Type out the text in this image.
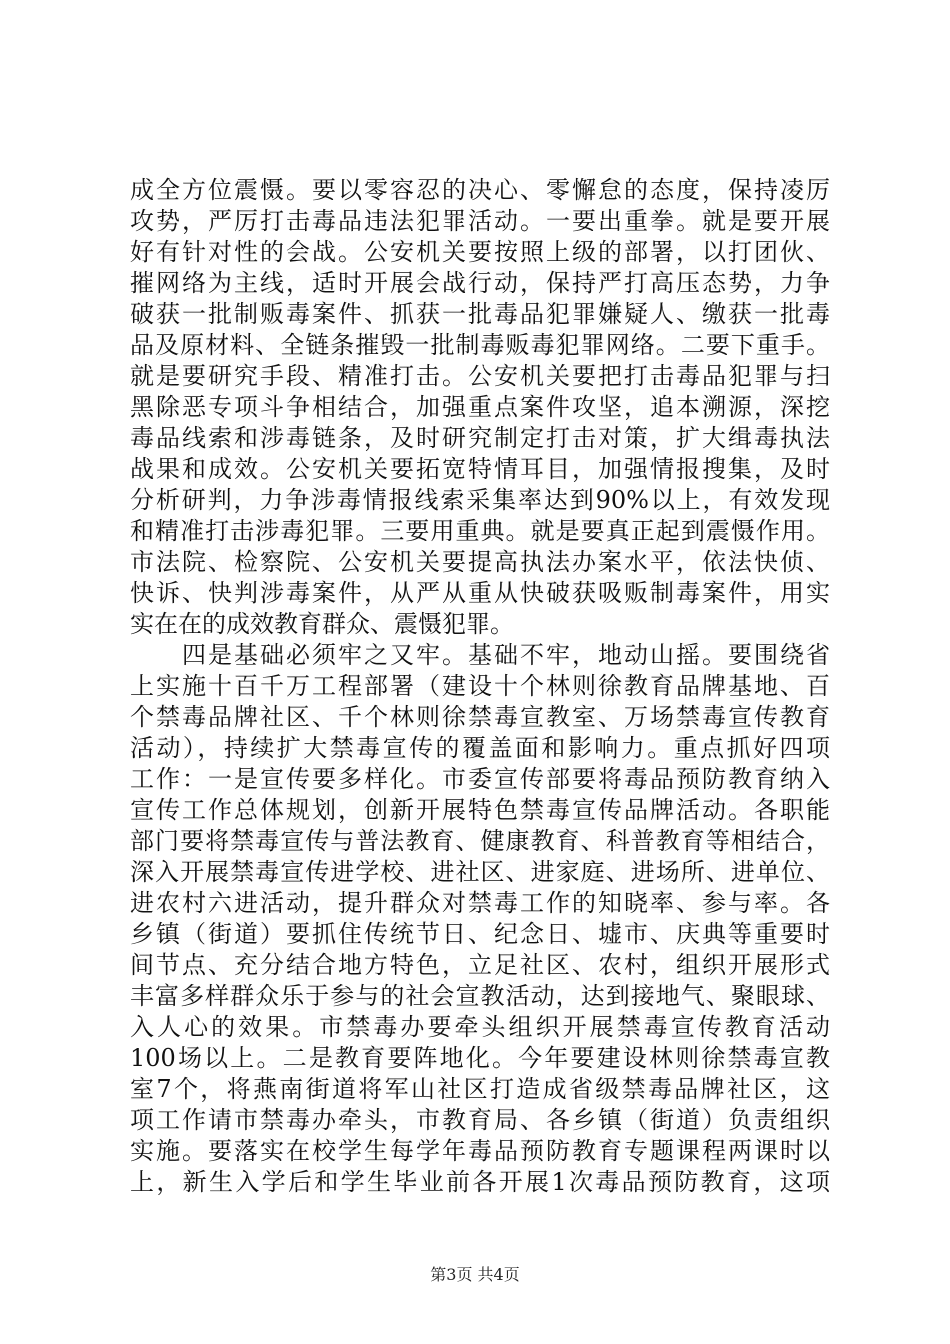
成全方位震慑。要以零容忍的决心、零懈怠的态度，保持凌厉
攻势，严厉打击毒品违法犯罪活动。一要出重拳。就是要开展
好有针对性的会战。公安机关要按照上级的部署，以打团伙、
摧网络为主线，适时开展会战行动，保持严打高压态势，力争
破获一批制贩毒案件、抓获一批毒品犯罪嫌疑人、缴获一批毒
品及原材料、全链条摧毁一批制毒贩毒犯罪网络。二要下重手。
就是要研究手段、精准打击。公安机关要把打击毒品犯罪与扫
黑除恶专项斗争相结合，加强重点案件攻坚，追本溯源，深挖
毒品线索和涉毒链条，及时研究制定打击对策，扩大缉毒执法
战果和成效。公安机关要拓宽特情耳目，加强情报搜集，及时
分析研判，力争涉毒情报线索采集率达到90%以上，有效发现
和精准打击涉毒犯罪。三要用重典。就是要真正起到震慑作用。
市法院、检察院、公安机关要提高执法办案水平，依法快侦、
快诉、快判涉毒案件，从严从重从快破获吸贩制毒案件，用实
实在在的成效教育群众、震慑犯罪。
　　四是基础必须牢之又牢。基础不牢，地动山摇。要围绕省
上实施十百千万工程部署（建设十个林则徐教育品牌基地、百
个禁毒品牌社区、千个林则徐禁毒宣教室、万场禁毒宣传教育
活动），持续扩大禁毒宣传的覆盖面和影响力。重点抓好四项
工作：一是宣传要多样化。市委宣传部要将毒品预防教育纳入
宣传工作总体规划，创新开展特色禁毒宣传品牌活动。各职能
部门要将禁毒宣传与普法教育、健康教育、科普教育等相结合，
深入开展禁毒宣传进学校、进社区、进家庭、进场所、进单位、
进农村六进活动，提升群众对禁毒工作的知晓率、参与率。各
乡镇（街道）要抓住传统节日、纪念日、墟市、庆典等重要时
间节点、充分结合地方特色，立足社区、农村，组织开展形式
丰富多样群众乐于参与的社会宣教活动，达到接地气、聚眼球、
入人心的效果。市禁毒办要牵头组织开展禁毒宣传教育活动
100场以上。二是教育要阵地化。今年要建设林则徐禁毒宣教
室7个，将燕南街道将军山社区打造成省级禁毒品牌社区，这
项工作请市禁毒办牵头，市教育局、各乡镇（街道）负责组织
实施。要落实在校学生每学年毒品预防教育专题课程两课时以
上，新生入学后和学生毕业前各开展1次毒品预防教育，这项
第3页 共4页
